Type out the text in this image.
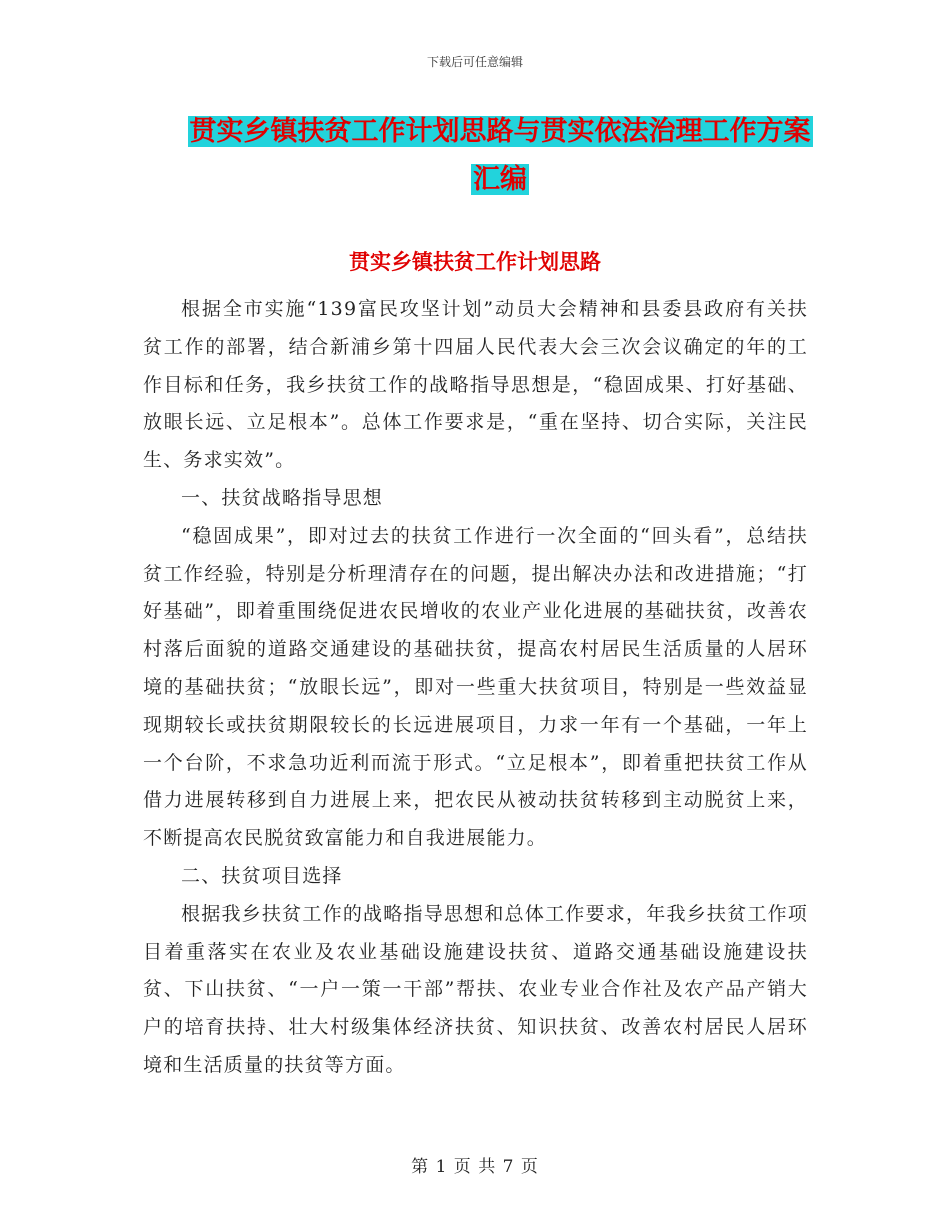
下载后可任意编辑
贯实乡镇扶贫工作计划思路与贯实依法治理工作方案
汇编
贯实乡镇扶贫工作计划思路

根据全市实施“139富民攻坚计划”动员大会精神和县委县政府有关扶贫工作的部署，结合新浦乡第十四届人民代表大会三次会议确定的年的工作目标和任务，我乡扶贫工作的战略指导思想是，“稳固成果、打好基础、放眼长远、立足根本”。总体工作要求是，“重在坚持、切合实际，关注民生、务求实效”。

一、扶贫战略指导思想

“稳固成果”，即对过去的扶贫工作进行一次全面的“回头看”，总结扶贫工作经验，特别是分析理清存在的问题，提出解决办法和改进措施；“打好基础”，即着重围绕促进农民增收的农业产业化进展的基础扶贫，改善农村落后面貌的道路交通建设的基础扶贫，提高农村居民生活质量的人居环境的基础扶贫；“放眼长远”，即对一些重大扶贫项目，特别是一些效益显现期较长或扶贫期限较长的长远进展项目，力求一年有一个基础，一年上一个台阶，不求急功近利而流于形式。“立足根本”，即着重把扶贫工作从借力进展转移到自力进展上来，把农民从被动扶贫转移到主动脱贫上来，不断提高农民脱贫致富能力和自我进展能力。

二、扶贫项目选择

根据我乡扶贫工作的战略指导思想和总体工作要求，年我乡扶贫工作项目着重落实在农业及农业基础设施建设扶贫、道路交通基础设施建设扶贫、下山扶贫、“一户一策一干部”帮扶、农业专业合作社及农产品产销大户的培育扶持、壮大村级集体经济扶贫、知识扶贫、改善农村居民人居环境和生活质量的扶贫等方面。

第 1 页 共 7 页
